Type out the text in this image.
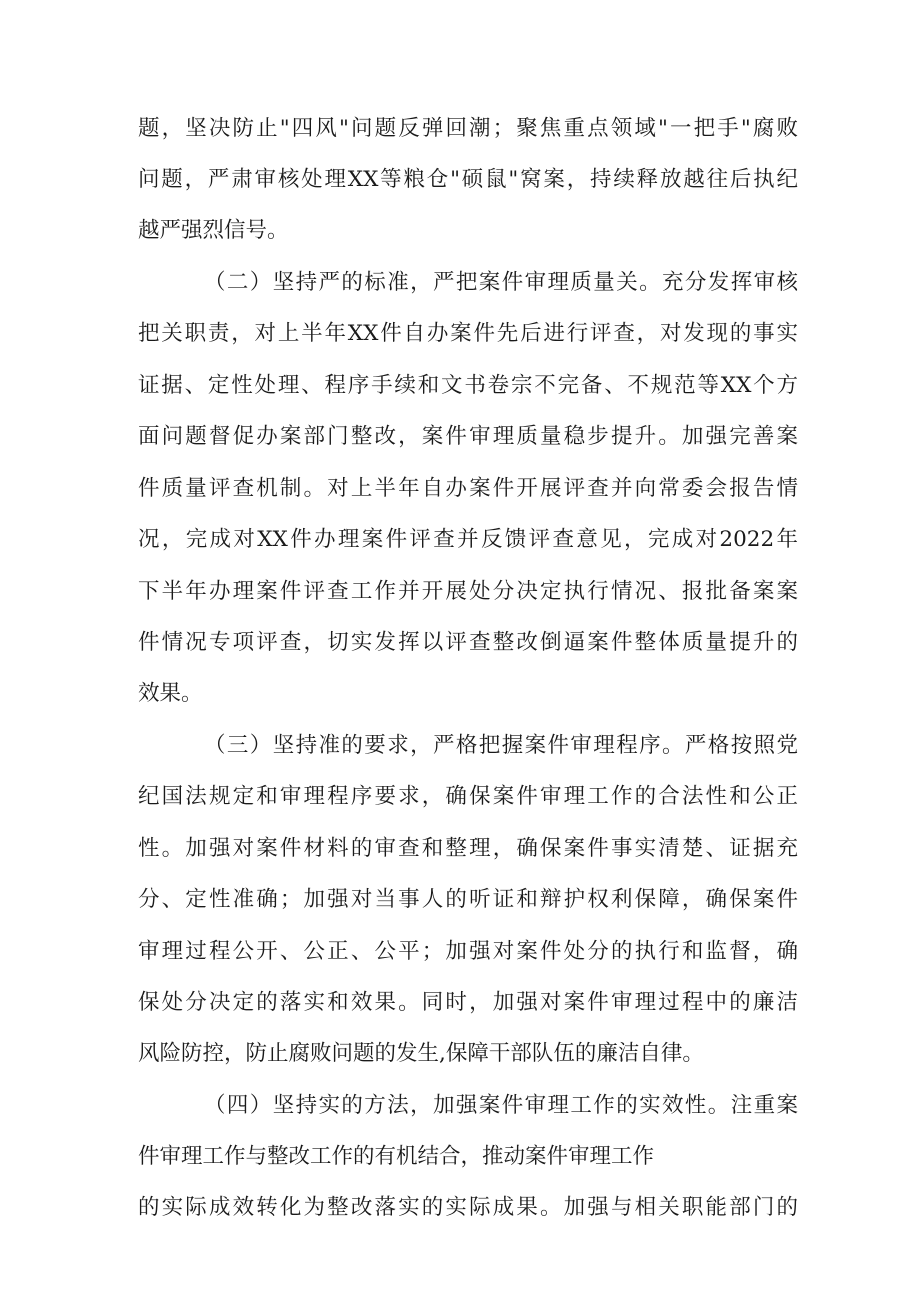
题，坚决防止"四风"问题反弹回潮；聚焦重点领域"一把手"腐败
问题，严肃审核处理XX等粮仓"硕鼠"窝案，持续释放越往后执纪
越严强烈信号。
（二）坚持严的标准，严把案件审理质量关。充分发挥审核
把关职责，对上半年XX件自办案件先后进行评查，对发现的事实
证据、定性处理、程序手续和文书卷宗不完备、不规范等XX个方
面问题督促办案部门整改，案件审理质量稳步提升。加强完善案
件质量评查机制。对上半年自办案件开展评查并向常委会报告情
况，完成对XX件办理案件评查并反馈评查意见，完成对2022年
下半年办理案件评查工作并开展处分决定执行情况、报批备案案
件情况专项评查，切实发挥以评查整改倒逼案件整体质量提升的
效果。
（三）坚持准的要求，严格把握案件审理程序。严格按照党
纪国法规定和审理程序要求，确保案件审理工作的合法性和公正
性。加强对案件材料的审查和整理，确保案件事实清楚、证据充
分、定性准确；加强对当事人的听证和辩护权利保障，确保案件
审理过程公开、公正、公平；加强对案件处分的执行和监督，确
保处分决定的落实和效果。同时，加强对案件审理过程中的廉洁
风险防控，防止腐败问题的发生,保障干部队伍的廉洁自律。
（四）坚持实的方法，加强案件审理工作的实效性。注重案
件审理工作与整改工作的有机结合，推动案件审理工作
的实际成效转化为整改落实的实际成果。加强与相关职能部门的
